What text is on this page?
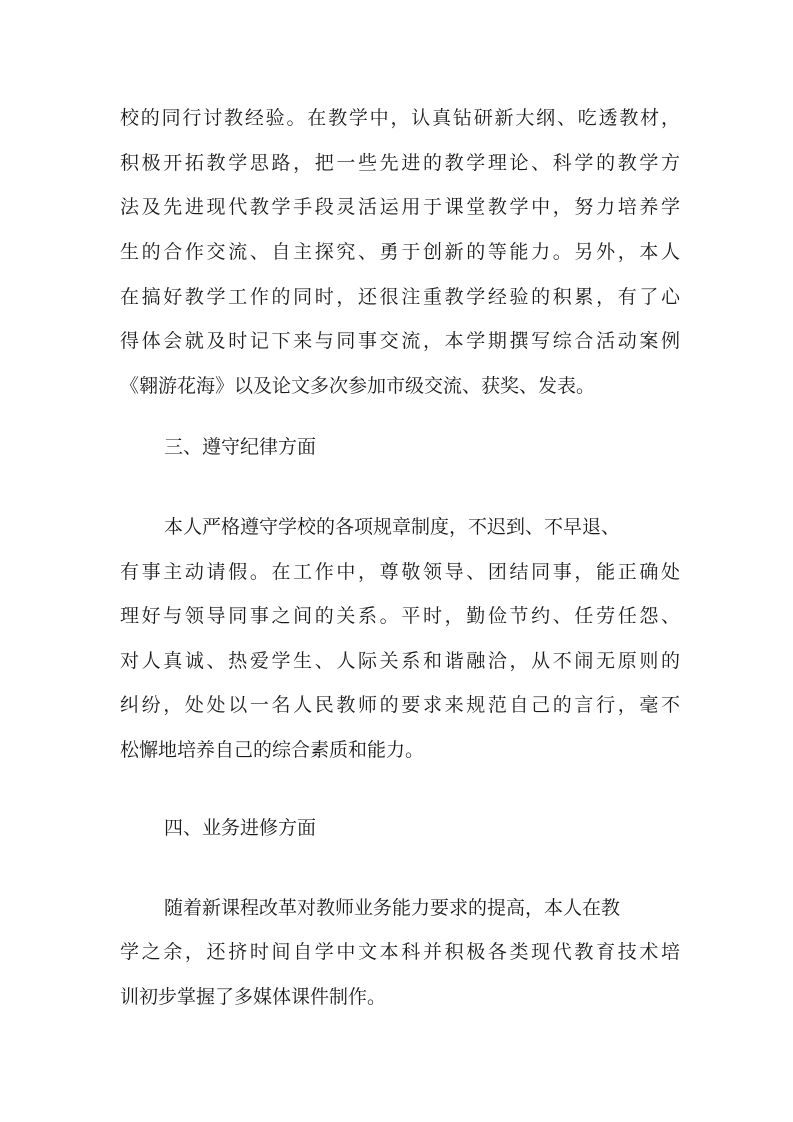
校的同行讨教经验。在教学中，认真钻研新大纲、吃透教材，
积极开拓教学思路，把一些先进的教学理论、科学的教学方
法及先进现代教学手段灵活运用于课堂教学中，努力培养学
生的合作交流、自主探究、勇于创新的等能力。另外，本人
在搞好教学工作的同时，还很注重教学经验的积累，有了心
得体会就及时记下来与同事交流，本学期撰写综合活动案例
《翱游花海》以及论文多次参加市级交流、获奖、发表。
三、遵守纪律方面
本人严格遵守学校的各项规章制度，不迟到、不早退、
有事主动请假。在工作中，尊敬领导、团结同事，能正确处
理好与领导同事之间的关系。平时，勤俭节约、任劳任怨、
对人真诚、热爱学生、人际关系和谐融洽，从不闹无原则的
纠纷，处处以一名人民教师的要求来规范自己的言行，毫不
松懈地培养自己的综合素质和能力。
四、业务进修方面
随着新课程改革对教师业务能力要求的提高，本人在教
学之余，还挤时间自学中文本科并积极各类现代教育技术培
训初步掌握了多媒体课件制作。
